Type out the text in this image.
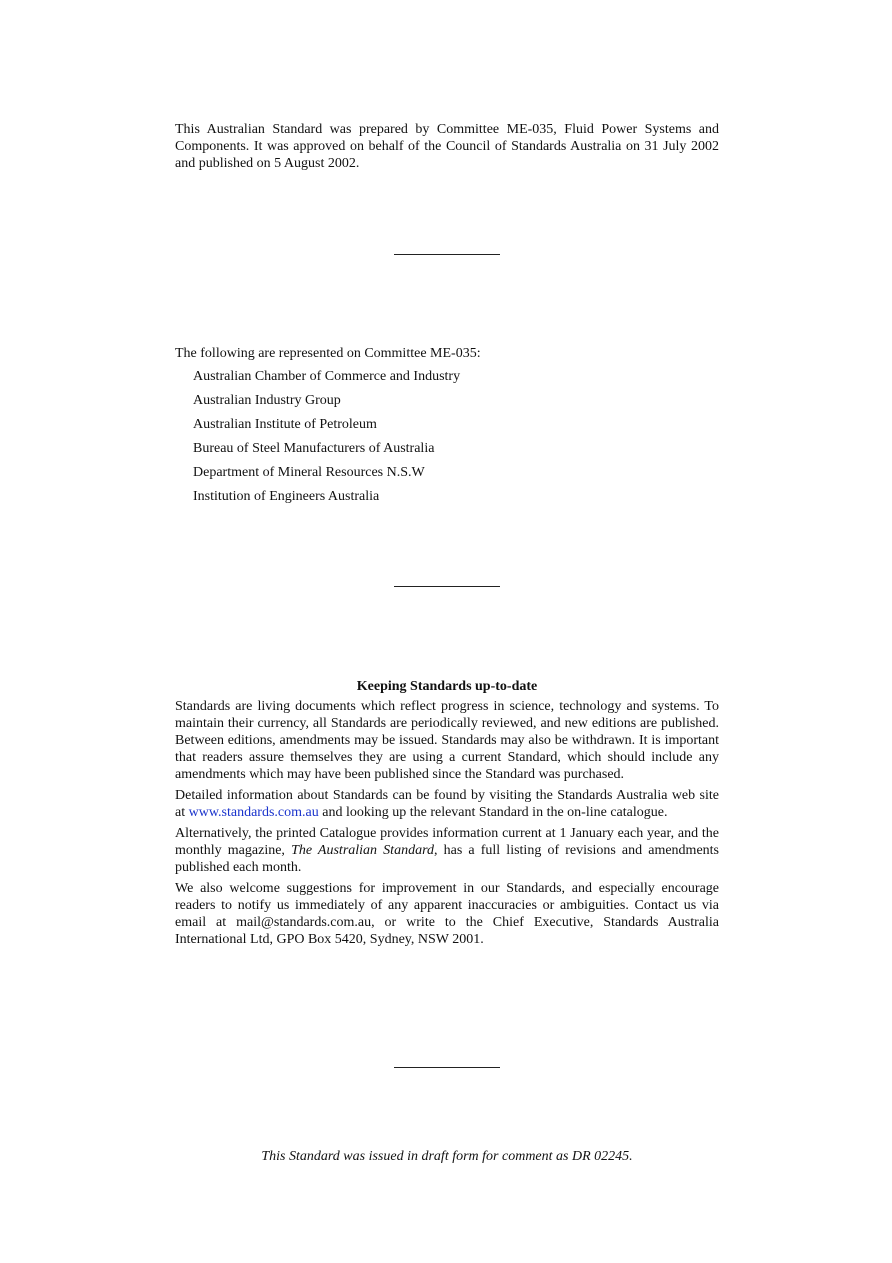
This Australian Standard was prepared by Committee ME-035, Fluid Power Systems and Components. It was approved on behalf of the Council of Standards Australia on 31 July 2002 and published on 5 August 2002.

The following are represented on Committee ME-035:

Australian Chamber of Commerce and Industry
Australian Industry Group
Australian Institute of Petroleum
Bureau of Steel Manufacturers of Australia
Department of Mineral Resources N.S.W
Institution of Engineers Australia
Keeping Standards up-to-date

Standards are living documents which reflect progress in science, technology and systems. To maintain their currency, all Standards are periodically reviewed, and new editions are published. Between editions, amendments may be issued. Standards may also be withdrawn. It is important that readers assure themselves they are using a current Standard, which should include any amendments which may have been published since the Standard was purchased.

Detailed information about Standards can be found by visiting the Standards Australia web site at www.standards.com.au and looking up the relevant Standard in the on-line catalogue.

Alternatively, the printed Catalogue provides information current at 1 January each year, and the monthly magazine, The Australian Standard, has a full listing of revisions and amendments published each month.

We also welcome suggestions for improvement in our Standards, and especially encourage readers to notify us immediately of any apparent inaccuracies or ambiguities. Contact us via email at mail@standards.com.au, or write to the Chief Executive, Standards Australia International Ltd, GPO Box 5420, Sydney, NSW 2001.

This Standard was issued in draft form for comment as DR 02245.
